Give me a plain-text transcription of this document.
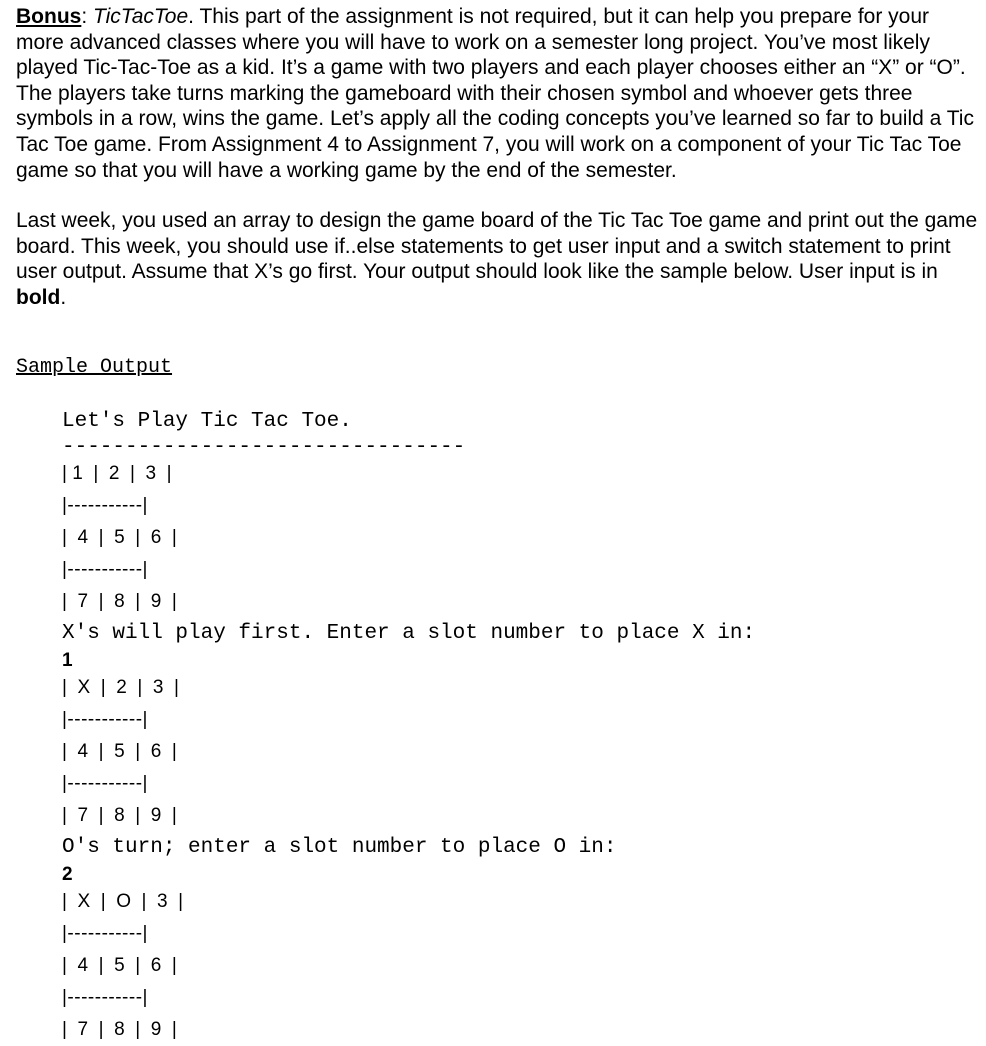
Bonus: TicTacToe. This part of the assignment is not required, but it can help you prepare for your more advanced classes where you will have to work on a semester long project. You’ve most likely played Tic-Tac-Toe as a kid. It’s a game with two players and each player chooses either an “X” or “O”. The players take turns marking the gameboard with their chosen symbol and whoever gets three symbols in a row, wins the game. Let’s apply all the coding concepts you’ve learned so far to build a Tic Tac Toe game. From Assignment 4 to Assignment 7, you will work on a component of your Tic Tac Toe game so that you will have a working game by the end of the semester.

Last week, you used an array to design the game board of the Tic Tac Toe game and print out the game board. This week, you should use if..else statements to get user input and a switch statement to print user output. Assume that X’s go first. Your output should look like the sample below. User input is in bold.

Sample Output
Let's Play Tic Tac Toe.
--------------------------------
| 1  |  2  |  3  |
|-----------|
|  4  |  5  |  6  |
|-----------|
|  7  |  8  |  9  |
X's will play first. Enter a slot number to place X in:
1
|  X  |  2  |  3  |
|-----------|
|  4  |  5  |  6  |
|-----------|
|  7  |  8  |  9  |
O's turn; enter a slot number to place O in:
2
|  X  |  O  |  3  |
|-----------|
|  4  |  5  |  6  |
|-----------|
|  7  |  8  |  9  |
